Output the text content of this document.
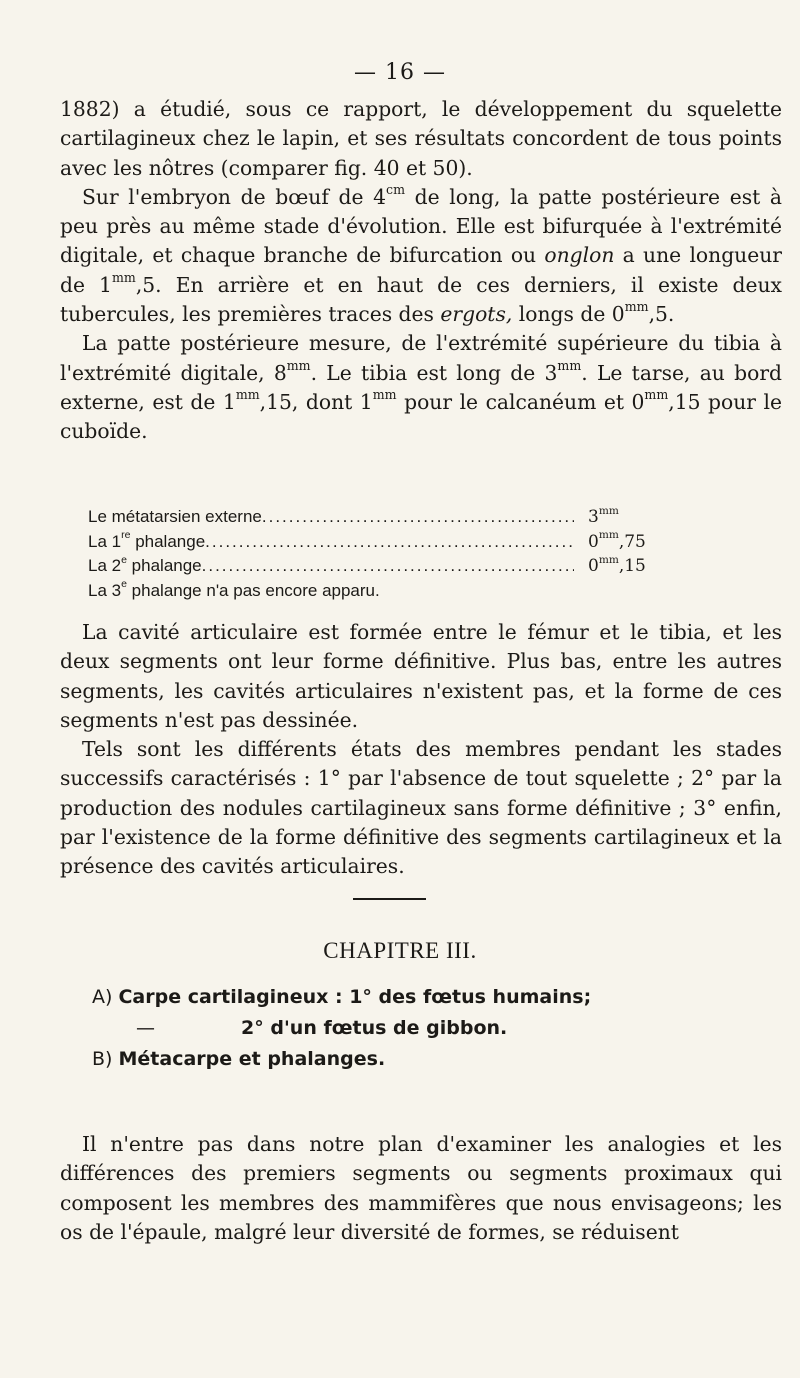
— 16 —

1882) a étudié, sous ce rapport, le développement du squelette cartilagineux chez le lapin, et ses résultats concordent de tous points avec les nôtres (comparer fig. 40 et 50).

Sur l'embryon de bœuf de $4^{cm}$ de long, la patte postérieure est à peu près au même stade d'évolution. Elle est bifurquée à l'extrémité digitale, et chaque branche de bifurcation ou onglon a une longueur de $1^{mm},5$. En arrière et en haut de ces derniers, il existe deux tubercules, les premières traces des ergots, longs de $0^{mm},5$.

La patte postérieure mesure, de l'extrémité supérieure du tibia à l'extrémité digitale, $8^{mm}$. Le tibia est long de $3^{mm}$. Le tarse, au bord externe, est de $1^{mm},15$, dont $1^{mm}$ pour le calcanéum et $0^{mm},15$ pour le cuboïde.

Le métatarsien externe .....	$3^{mm}$
La 1re phalange .....	$0^{mm},75$
La 2e phalange .....	$0^{mm},15$
La 3e phalange n'a pas encore apparu.

La cavité articulaire est formée entre le fémur et le tibia, et les deux segments ont leur forme définitive. Plus bas, entre les autres segments, les cavités articulaires n'existent pas, et la forme de ces segments n'est pas dessinée.

Tels sont les différents états des membres pendant les stades successifs caractérisés : 1° par l'absence de tout squelette ; 2° par la production des nodules cartilagineux sans forme définitive ; 3° enfin, par l'existence de la forme définitive des segments cartilagineux et la présence des cavités articulaires.

CHAPITRE III.
A) Carpe cartilagineux : 1° des fœtus humains;
—	2° d'un fœtus de gibbon.
B) Métacarpe et phalanges.

Il n'entre pas dans notre plan d'examiner les analogies et les différences des premiers segments ou segments proximaux qui composent les membres des mammifères que nous envisageons; les os de l'épaule, malgré leur diversité de formes, se réduisent
